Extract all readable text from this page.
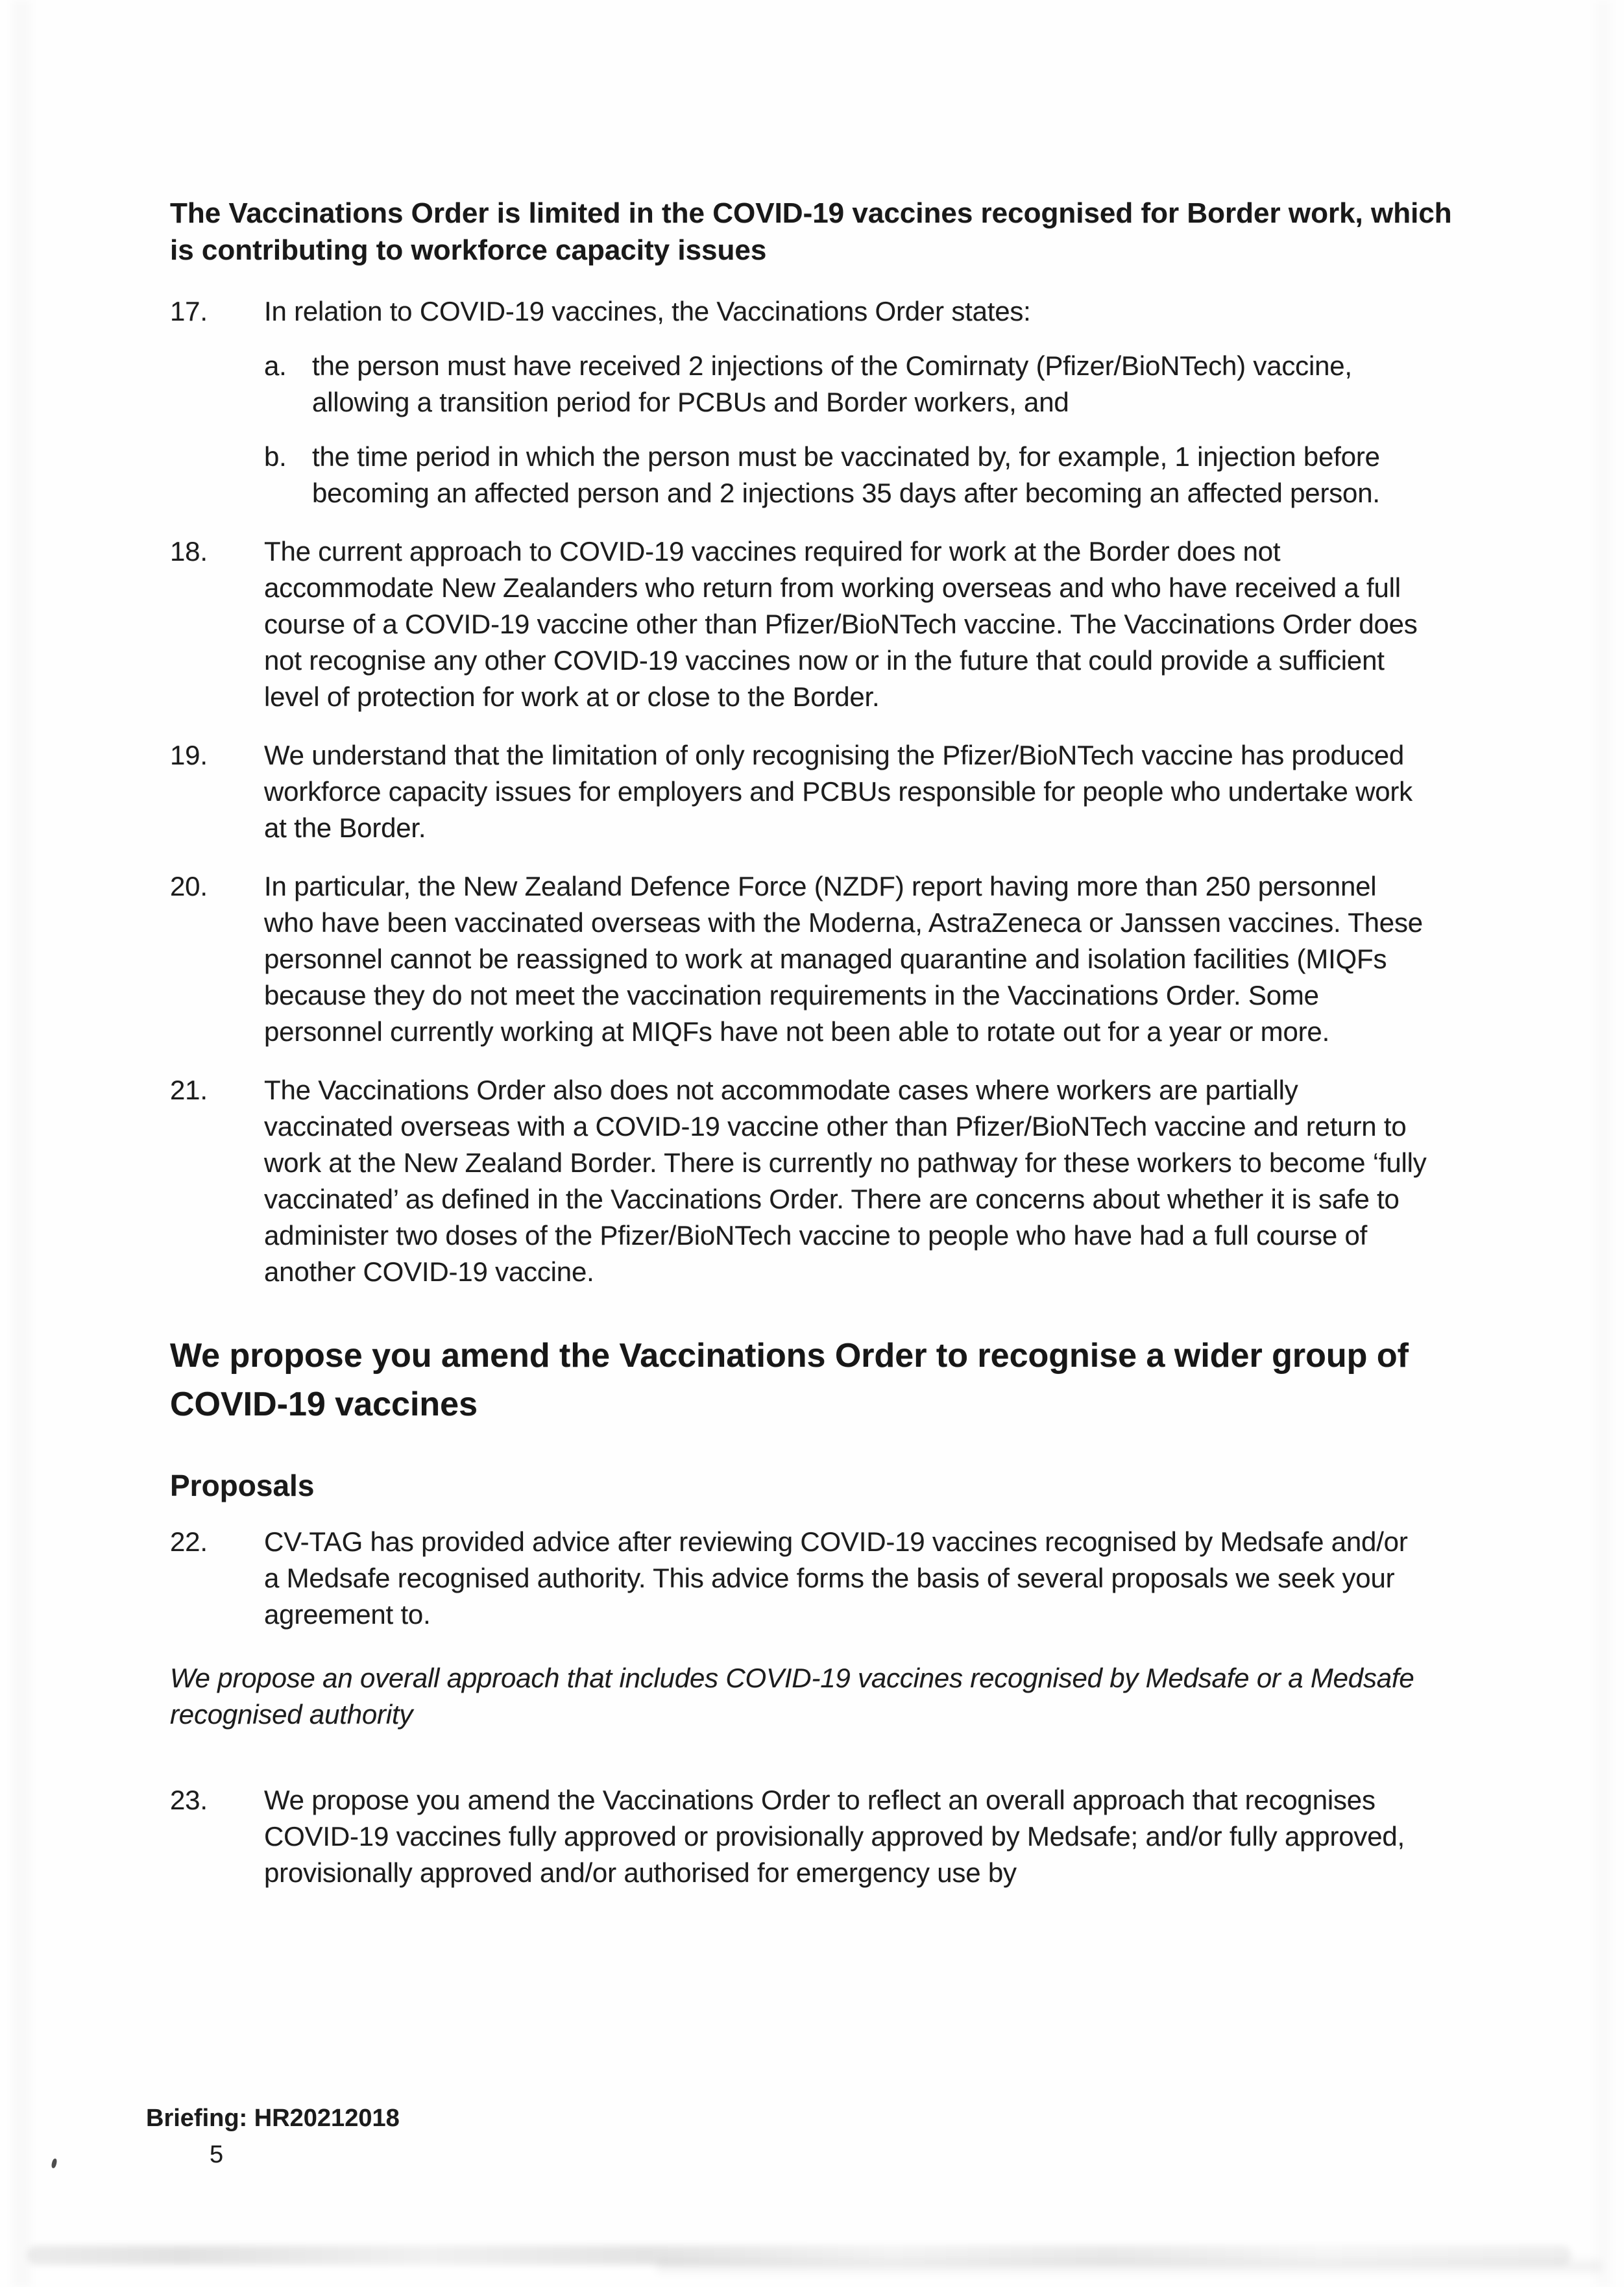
The Vaccinations Order is limited in the COVID-19 vaccines recognised for Border work, which is contributing to workforce capacity issues
17.	In relation to COVID-19 vaccines, the Vaccinations Order states:
a. the person must have received 2 injections of the Comirnaty (Pfizer/BioNTech) vaccine, allowing a transition period for PCBUs and Border workers, and
b. the time period in which the person must be vaccinated by, for example, 1 injection before becoming an affected person and 2 injections 35 days after becoming an affected person.
18.	The current approach to COVID-19 vaccines required for work at the Border does not accommodate New Zealanders who return from working overseas and who have received a full course of a COVID-19 vaccine other than Pfizer/BioNTech vaccine. The Vaccinations Order does not recognise any other COVID-19 vaccines now or in the future that could provide a sufficient level of protection for work at or close to the Border.
19.	We understand that the limitation of only recognising the Pfizer/BioNTech vaccine has produced workforce capacity issues for employers and PCBUs responsible for people who undertake work at the Border.
20.	In particular, the New Zealand Defence Force (NZDF) report having more than 250 personnel who have been vaccinated overseas with the Moderna, AstraZeneca or Janssen vaccines. These personnel cannot be reassigned to work at managed quarantine and isolation facilities (MIQFs because they do not meet the vaccination requirements in the Vaccinations Order. Some personnel currently working at MIQFs have not been able to rotate out for a year or more.
21.	The Vaccinations Order also does not accommodate cases where workers are partially vaccinated overseas with a COVID-19 vaccine other than Pfizer/BioNTech vaccine and return to work at the New Zealand Border. There is currently no pathway for these workers to become ‘fully vaccinated’ as defined in the Vaccinations Order. There are concerns about whether it is safe to administer two doses of the Pfizer/BioNTech vaccine to people who have had a full course of another COVID-19 vaccine.
We propose you amend the Vaccinations Order to recognise a wider group of COVID-19 vaccines
Proposals
22.	CV-TAG has provided advice after reviewing COVID-19 vaccines recognised by Medsafe and/or a Medsafe recognised authority. This advice forms the basis of several proposals we seek your agreement to.
We propose an overall approach that includes COVID-19 vaccines recognised by Medsafe or a Medsafe recognised authority
23.	We propose you amend the Vaccinations Order to reflect an overall approach that recognises COVID-19 vaccines fully approved or provisionally approved by Medsafe; and/or fully approved, provisionally approved and/or authorised for emergency use by
Briefing: HR20212018
5
